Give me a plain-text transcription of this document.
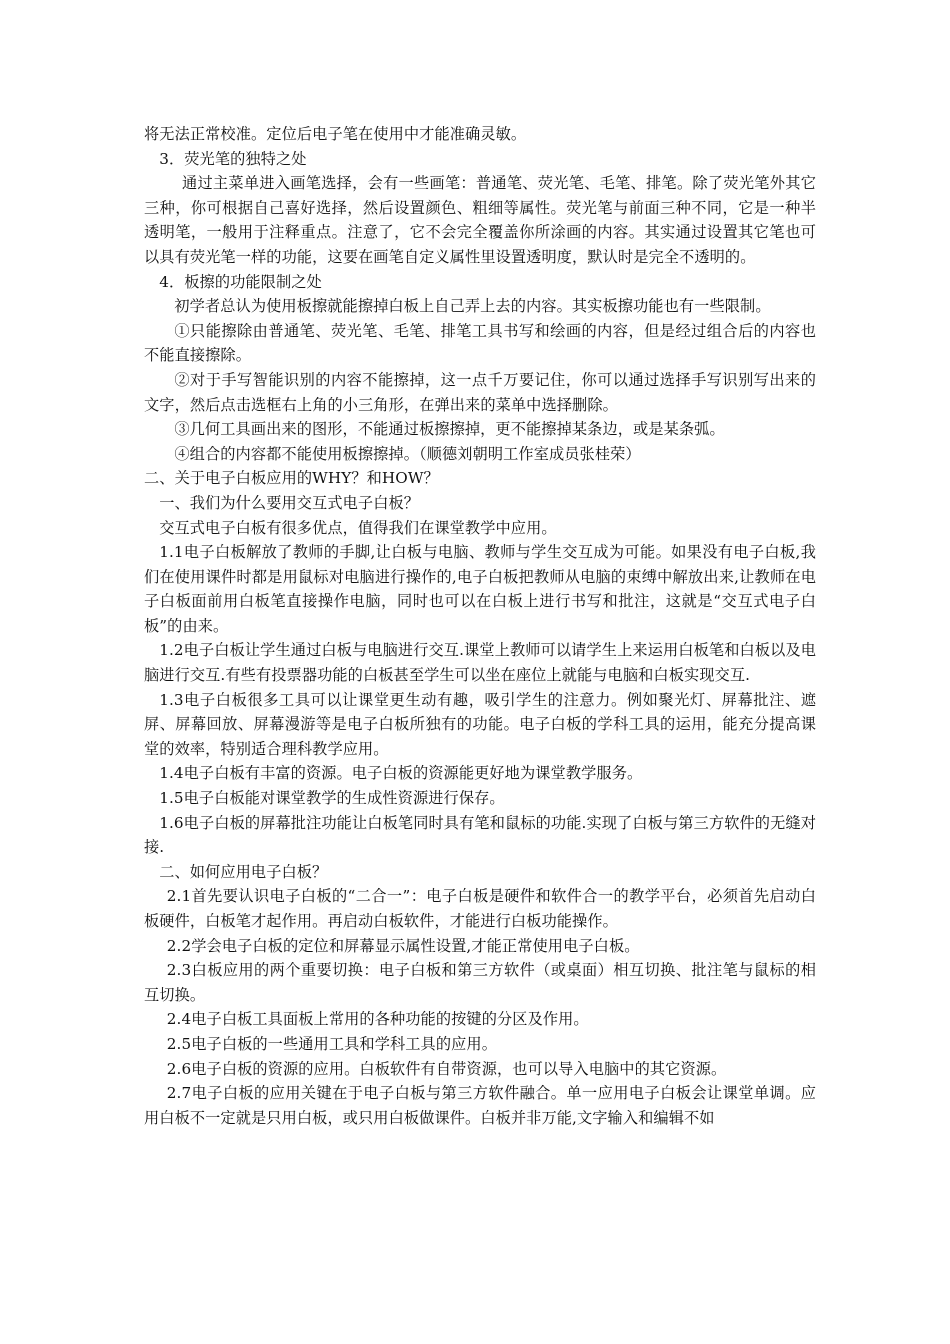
将无法正常校准。定位后电子笔在使用中才能准确灵敏。

3．荧光笔的独特之处

通过主菜单进入画笔选择，会有一些画笔：普通笔、荧光笔、毛笔、排笔。除了荧光笔外其它三种，你可根据自己喜好选择，然后设置颜色、粗细等属性。荧光笔与前面三种不同，它是一种半透明笔，一般用于注释重点。注意了，它不会完全覆盖你所涂画的内容。其实通过设置其它笔也可以具有荧光笔一样的功能，这要在画笔自定义属性里设置透明度，默认时是完全不透明的。

4．板擦的功能限制之处

初学者总认为使用板擦就能擦掉白板上自己弄上去的内容。其实板擦功能也有一些限制。

①只能擦除由普通笔、荧光笔、毛笔、排笔工具书写和绘画的内容，但是经过组合后的内容也不能直接擦除。

②对于手写智能识别的内容不能擦掉，这一点千万要记住，你可以通过选择手写识别写出来的文字，然后点击选框右上角的小三角形，在弹出来的菜单中选择删除。

③几何工具画出来的图形，不能通过板擦擦掉，更不能擦掉某条边，或是某条弧。

④组合的内容都不能使用板擦擦掉。（顺德刘朝明工作室成员张桂荣）

二、关于电子白板应用的WHY？和HOW？

一、我们为什么要用交互式电子白板？

交互式电子白板有很多优点，值得我们在课堂教学中应用。

1.1电子白板解放了教师的手脚,让白板与电脑、教师与学生交互成为可能。如果没有电子白板,我们在使用课件时都是用鼠标对电脑进行操作的,电子白板把教师从电脑的束缚中解放出来,让教师在电子白板面前用白板笔直接操作电脑，同时也可以在白板上进行书写和批注，这就是“交互式电子白板”的由来。

1.2电子白板让学生通过白板与电脑进行交互.课堂上教师可以请学生上来运用白板笔和白板以及电脑进行交互.有些有投票器功能的白板甚至学生可以坐在座位上就能与电脑和白板实现交互.

1.3电子白板很多工具可以让课堂更生动有趣，吸引学生的注意力。例如聚光灯、屏幕批注、遮屏、屏幕回放、屏幕漫游等是电子白板所独有的功能。电子白板的学科工具的运用，能充分提高课堂的效率，特别适合理科教学应用。

1.4电子白板有丰富的资源。电子白板的资源能更好地为课堂教学服务。

1.5电子白板能对课堂教学的生成性资源进行保存。

1.6电子白板的屏幕批注功能让白板笔同时具有笔和鼠标的功能.实现了白板与第三方软件的无缝对接.

二、如何应用电子白板？

2.1首先要认识电子白板的“二合一”：电子白板是硬件和软件合一的教学平台，必须首先启动白板硬件，白板笔才起作用。再启动白板软件，才能进行白板功能操作。

2.2学会电子白板的定位和屏幕显示属性设置,才能正常使用电子白板。

2.3白板应用的两个重要切换：电子白板和第三方软件（或桌面）相互切换、批注笔与鼠标的相互切换。

2.4电子白板工具面板上常用的各种功能的按键的分区及作用。

2.5电子白板的一些通用工具和学科工具的应用。

2.6电子白板的资源的应用。白板软件有自带资源，也可以导入电脑中的其它资源。

2.7电子白板的应用关键在于电子白板与第三方软件融合。单一应用电子白板会让课堂单调。应用白板不一定就是只用白板，或只用白板做课件。白板并非万能,文字输入和编辑不如
